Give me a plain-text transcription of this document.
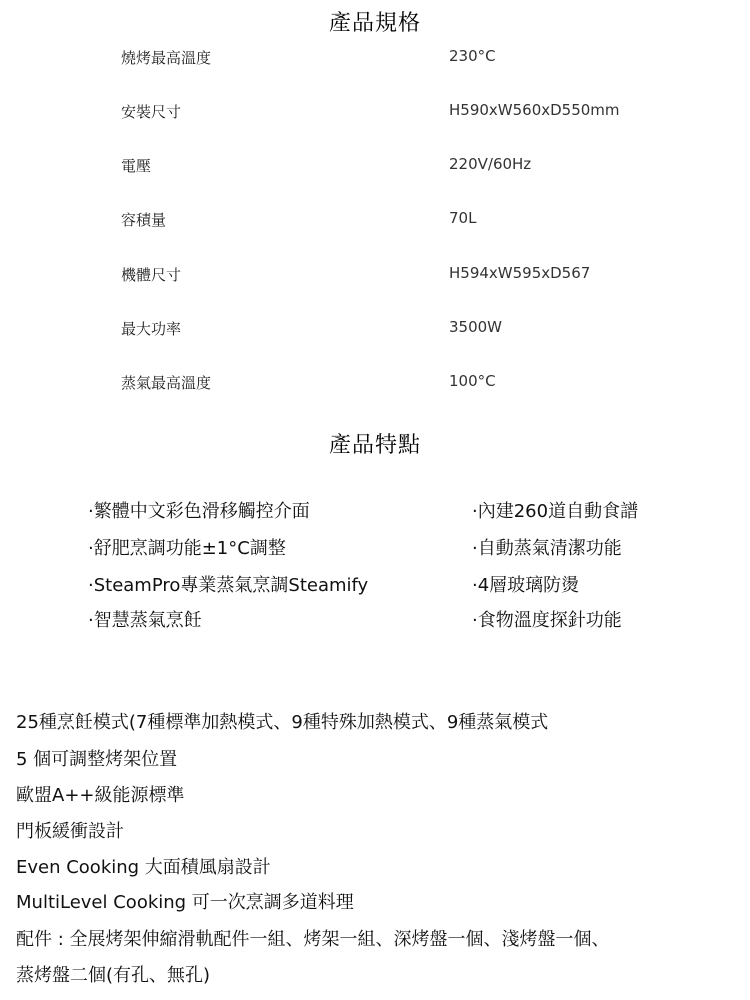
產品規格
燒烤最高溫度	230°C
安裝尺寸	H590xW560xD550mm
電壓	220V/60Hz
容積量	70L
機體尺寸	H594xW595xD567
最大功率	3500W
蒸氣最高溫度	100°C
產品特點
·繁體中文彩色滑移觸控介面
·舒肥烹調功能±1°C調整
·SteamPro專業蒸氣烹調Steamify
·智慧蒸氣烹飪
·內建260道自動食譜
·自動蒸氣清潔功能
·4層玻璃防燙
·食物溫度探針功能
25種烹飪模式(7種標準加熱模式、9種特殊加熱模式、9種蒸氣模式
5 個可調整烤架位置
歐盟A++級能源標準
門板緩衝設計
Even Cooking 大面積風扇設計
MultiLevel Cooking 可一次烹調多道料理
配件 : 全展烤架伸縮滑軌配件一組、烤架一組、深烤盤一個、淺烤盤一個、
蒸烤盤二個(有孔、無孔)
